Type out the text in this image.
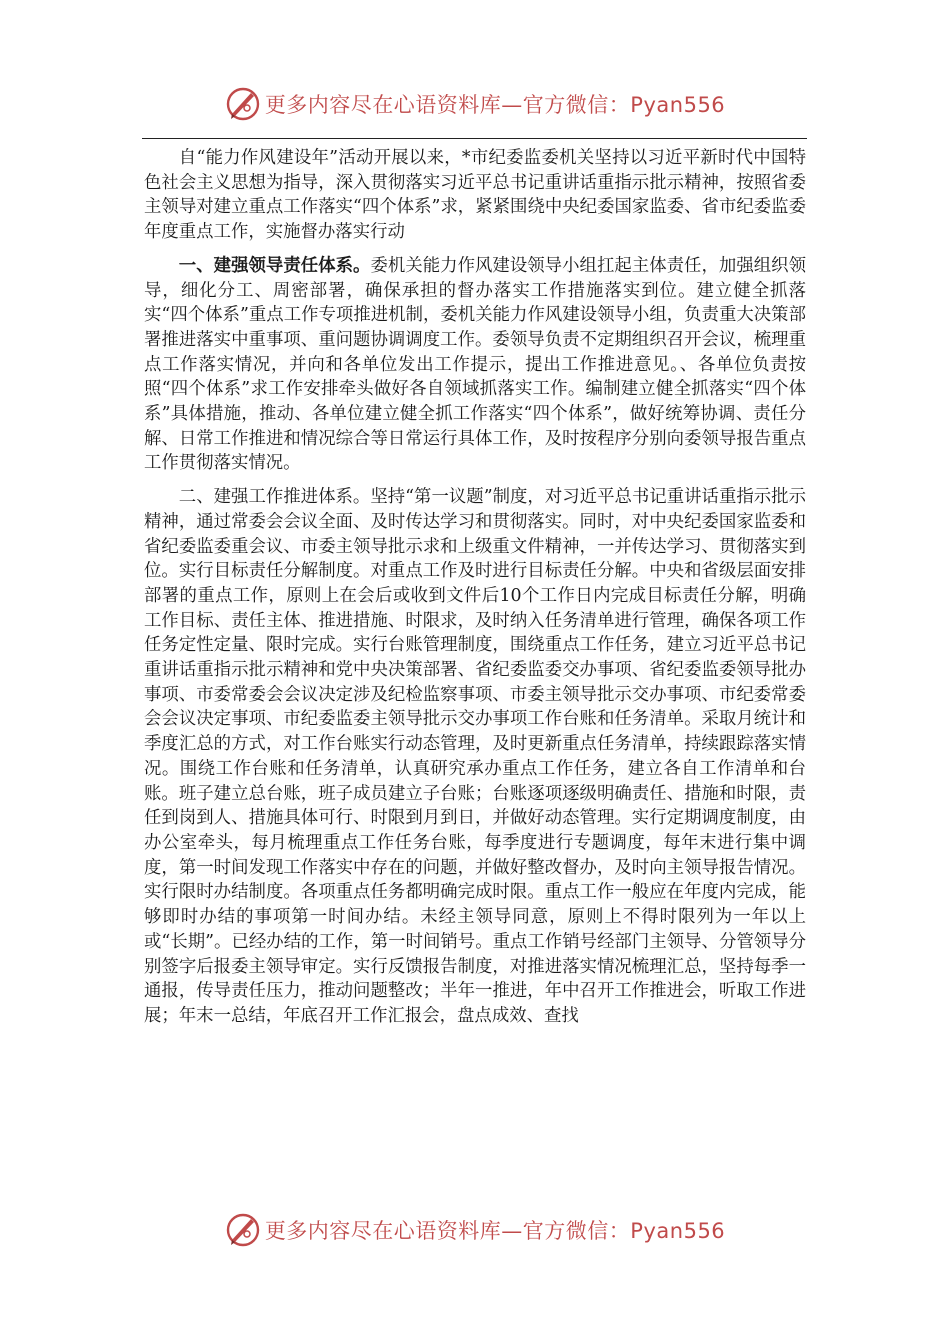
更多内容尽在心语资料库—官方微信：Pyan556

自“能力作风建设年”活动开展以来，*市纪委监委机关坚持以习近平新时代中国特色社会主义思想为指导，深入贯彻落实习近平总书记重讲话重指示批示精神，按照省委主领导对建立重点工作落实“四个体系”求，紧紧围绕中央纪委国家监委、省市纪委监委年度重点工作，实施督办落实行动

一、建强领导责任体系。委机关能力作风建设领导小组扛起主体责任，加强组织领导，细化分工、周密部署，确保承担的督办落实工作措施落实到位。建立健全抓落实“四个体系”重点工作专项推进机制，委机关能力作风建设领导小组，负责重大决策部署推进落实中重事项、重问题协调调度工作。委领导负责不定期组织召开会议，梳理重点工作落实情况，并向和各单位发出工作提示，提出工作推进意见。、各单位负责按照“四个体系”求工作安排牵头做好各自领域抓落实工作。编制建立健全抓落实“四个体系”具体措施，推动、各单位建立健全抓工作落实“四个体系”，做好统筹协调、责任分解、日常工作推进和情况综合等日常运行具体工作，及时按程序分别向委领导报告重点工作贯彻落实情况。

二、建强工作推进体系。坚持“第一议题”制度，对习近平总书记重讲话重指示批示精神，通过常委会会议全面、及时传达学习和贯彻落实。同时，对中央纪委国家监委和省纪委监委重会议、市委主领导批示求和上级重文件精神，一并传达学习、贯彻落实到位。实行目标责任分解制度。对重点工作及时进行目标责任分解。中央和省级层面安排部署的重点工作，原则上在会后或收到文件后10个工作日内完成目标责任分解，明确工作目标、责任主体、推进措施、时限求，及时纳入任务清单进行管理，确保各项工作任务定性定量、限时完成。实行台账管理制度，围绕重点工作任务，建立习近平总书记重讲话重指示批示精神和党中央决策部署、省纪委监委交办事项、省纪委监委领导批办事项、市委常委会会议决定涉及纪检监察事项、市委主领导批示交办事项、市纪委常委会会议决定事项、市纪委监委主领导批示交办事项工作台账和任务清单。采取月统计和季度汇总的方式，对工作台账实行动态管理，及时更新重点任务清单，持续跟踪落实情况。围绕工作台账和任务清单，认真研究承办重点工作任务，建立各自工作清单和台账。班子建立总台账，班子成员建立子台账；台账逐项逐级明确责任、措施和时限，责任到岗到人、措施具体可行、时限到月到日，并做好动态管理。实行定期调度制度，由办公室牵头，每月梳理重点工作任务台账，每季度进行专题调度，每年末进行集中调度，第一时间发现工作落实中存在的问题，并做好整改督办，及时向主领导报告情况。实行限时办结制度。各项重点任务都明确完成时限。重点工作一般应在年度内完成，能够即时办结的事项第一时间办结。未经主领导同意，原则上不得时限列为一年以上或“长期”。已经办结的工作，第一时间销号。重点工作销号经部门主领导、分管领导分别签字后报委主领导审定。实行反馈报告制度，对推进落实情况梳理汇总，坚持每季一通报，传导责任压力，推动问题整改；半年一推进，年中召开工作推进会，听取工作进展；年末一总结，年底召开工作汇报会，盘点成效、查找

更多内容尽在心语资料库—官方微信：Pyan556
